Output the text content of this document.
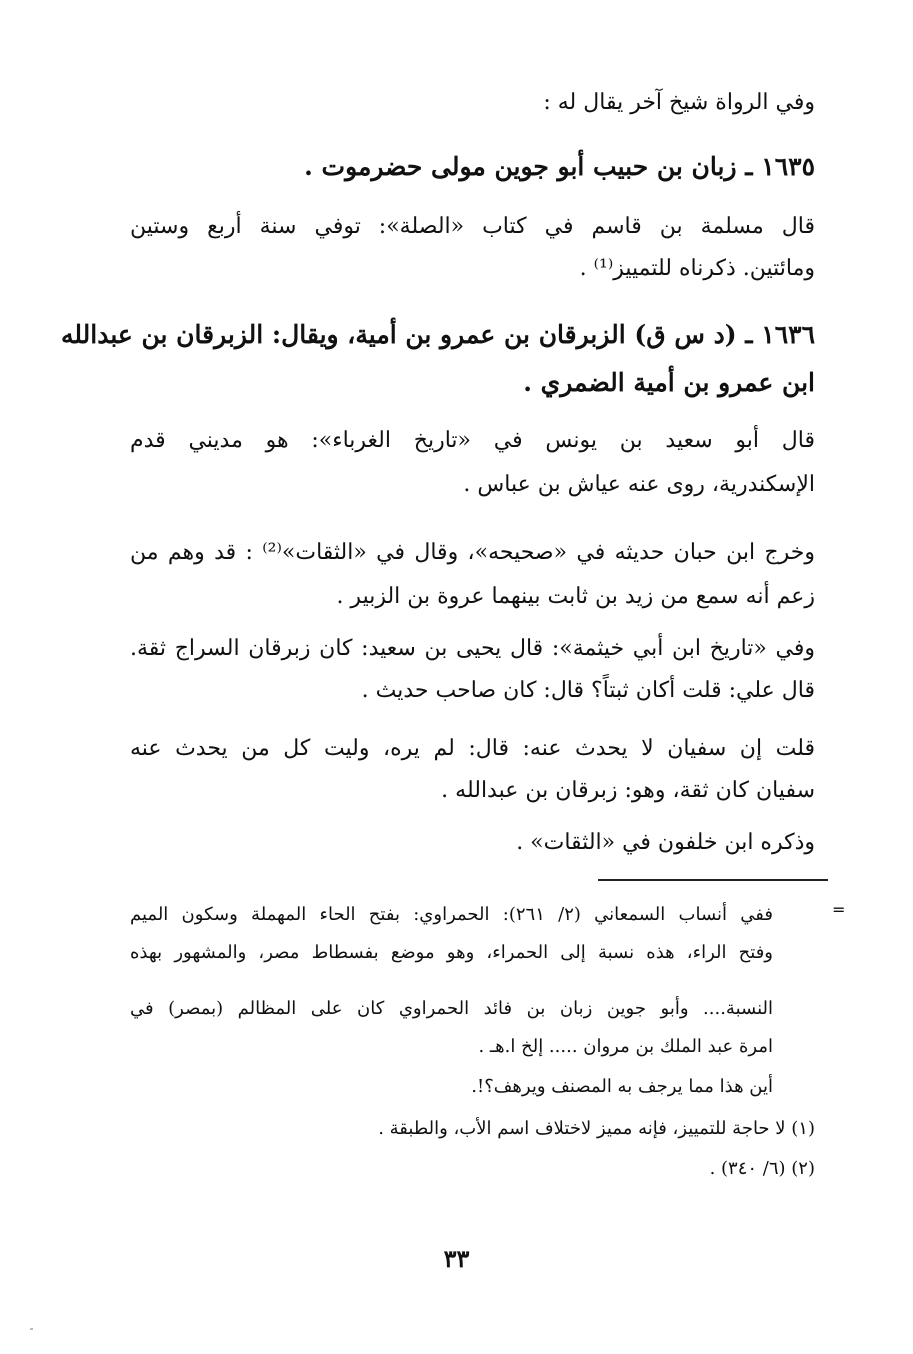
وفي الرواة شيخ آخر يقال له :

١٦٣٥ ـ زبان بن حبيب أبو جوين مولى حضرموت .

قال مسلمة بن قاسم في كتاب «الصلة»: توفي سنة أربع وستين

ومائتين. ذكرناه للتمييز⁽¹⁾ .

١٦٣٦ ـ (د س ق) الزبرقان بن عمرو بن أمية، ويقال: الزبرقان بن عبدالله

ابن عمرو بن أمية الضمري .

قال أبو سعيد بن يونس في «تاريخ الغرباء»: هو مديني قدم

الإسكندرية، روى عنه عياش بن عباس .

وخرج ابن حبان حديثه في «صحيحه»، وقال في «الثقات»⁽²⁾ : قد وهم من

زعم أنه سمع من زيد بن ثابت بينهما عروة بن الزبير .

وفي «تاريخ ابن أبي خيثمة»: قال يحيى بن سعيد: كان زبرقان السراج ثقة.

قال علي: قلت أكان ثبتاً؟ قال: كان صاحب حديث .

قلت إن سفيان لا يحدث عنه: قال: لم يره، وليت كل من يحدث عنه

سفيان كان ثقة، وهو: زبرقان بن عبدالله .

وذكره ابن خلفون في «الثقات» .

=

ففي أنساب السمعاني (٢/ ٢٦١): الحمراوي: بفتح الحاء المهملة وسكون الميم

وفتح الراء، هذه نسبة إلى الحمراء، وهو موضع بفسطاط مصر، والمشهور بهذه

النسبة.... وأبو جوين زبان بن فائد الحمراوي كان على المظالم (بمصر) في

امرة عبد الملك بن مروان ..... إلخ ا.هـ .

أين هذا مما يرجف به المصنف ويرهف؟!.

(١) لا حاجة للتمييز، فإنه مميز لاختلاف اسم الأب، والطبقة .

(٢) (٦/ ٣٤٠) .

٣٣
